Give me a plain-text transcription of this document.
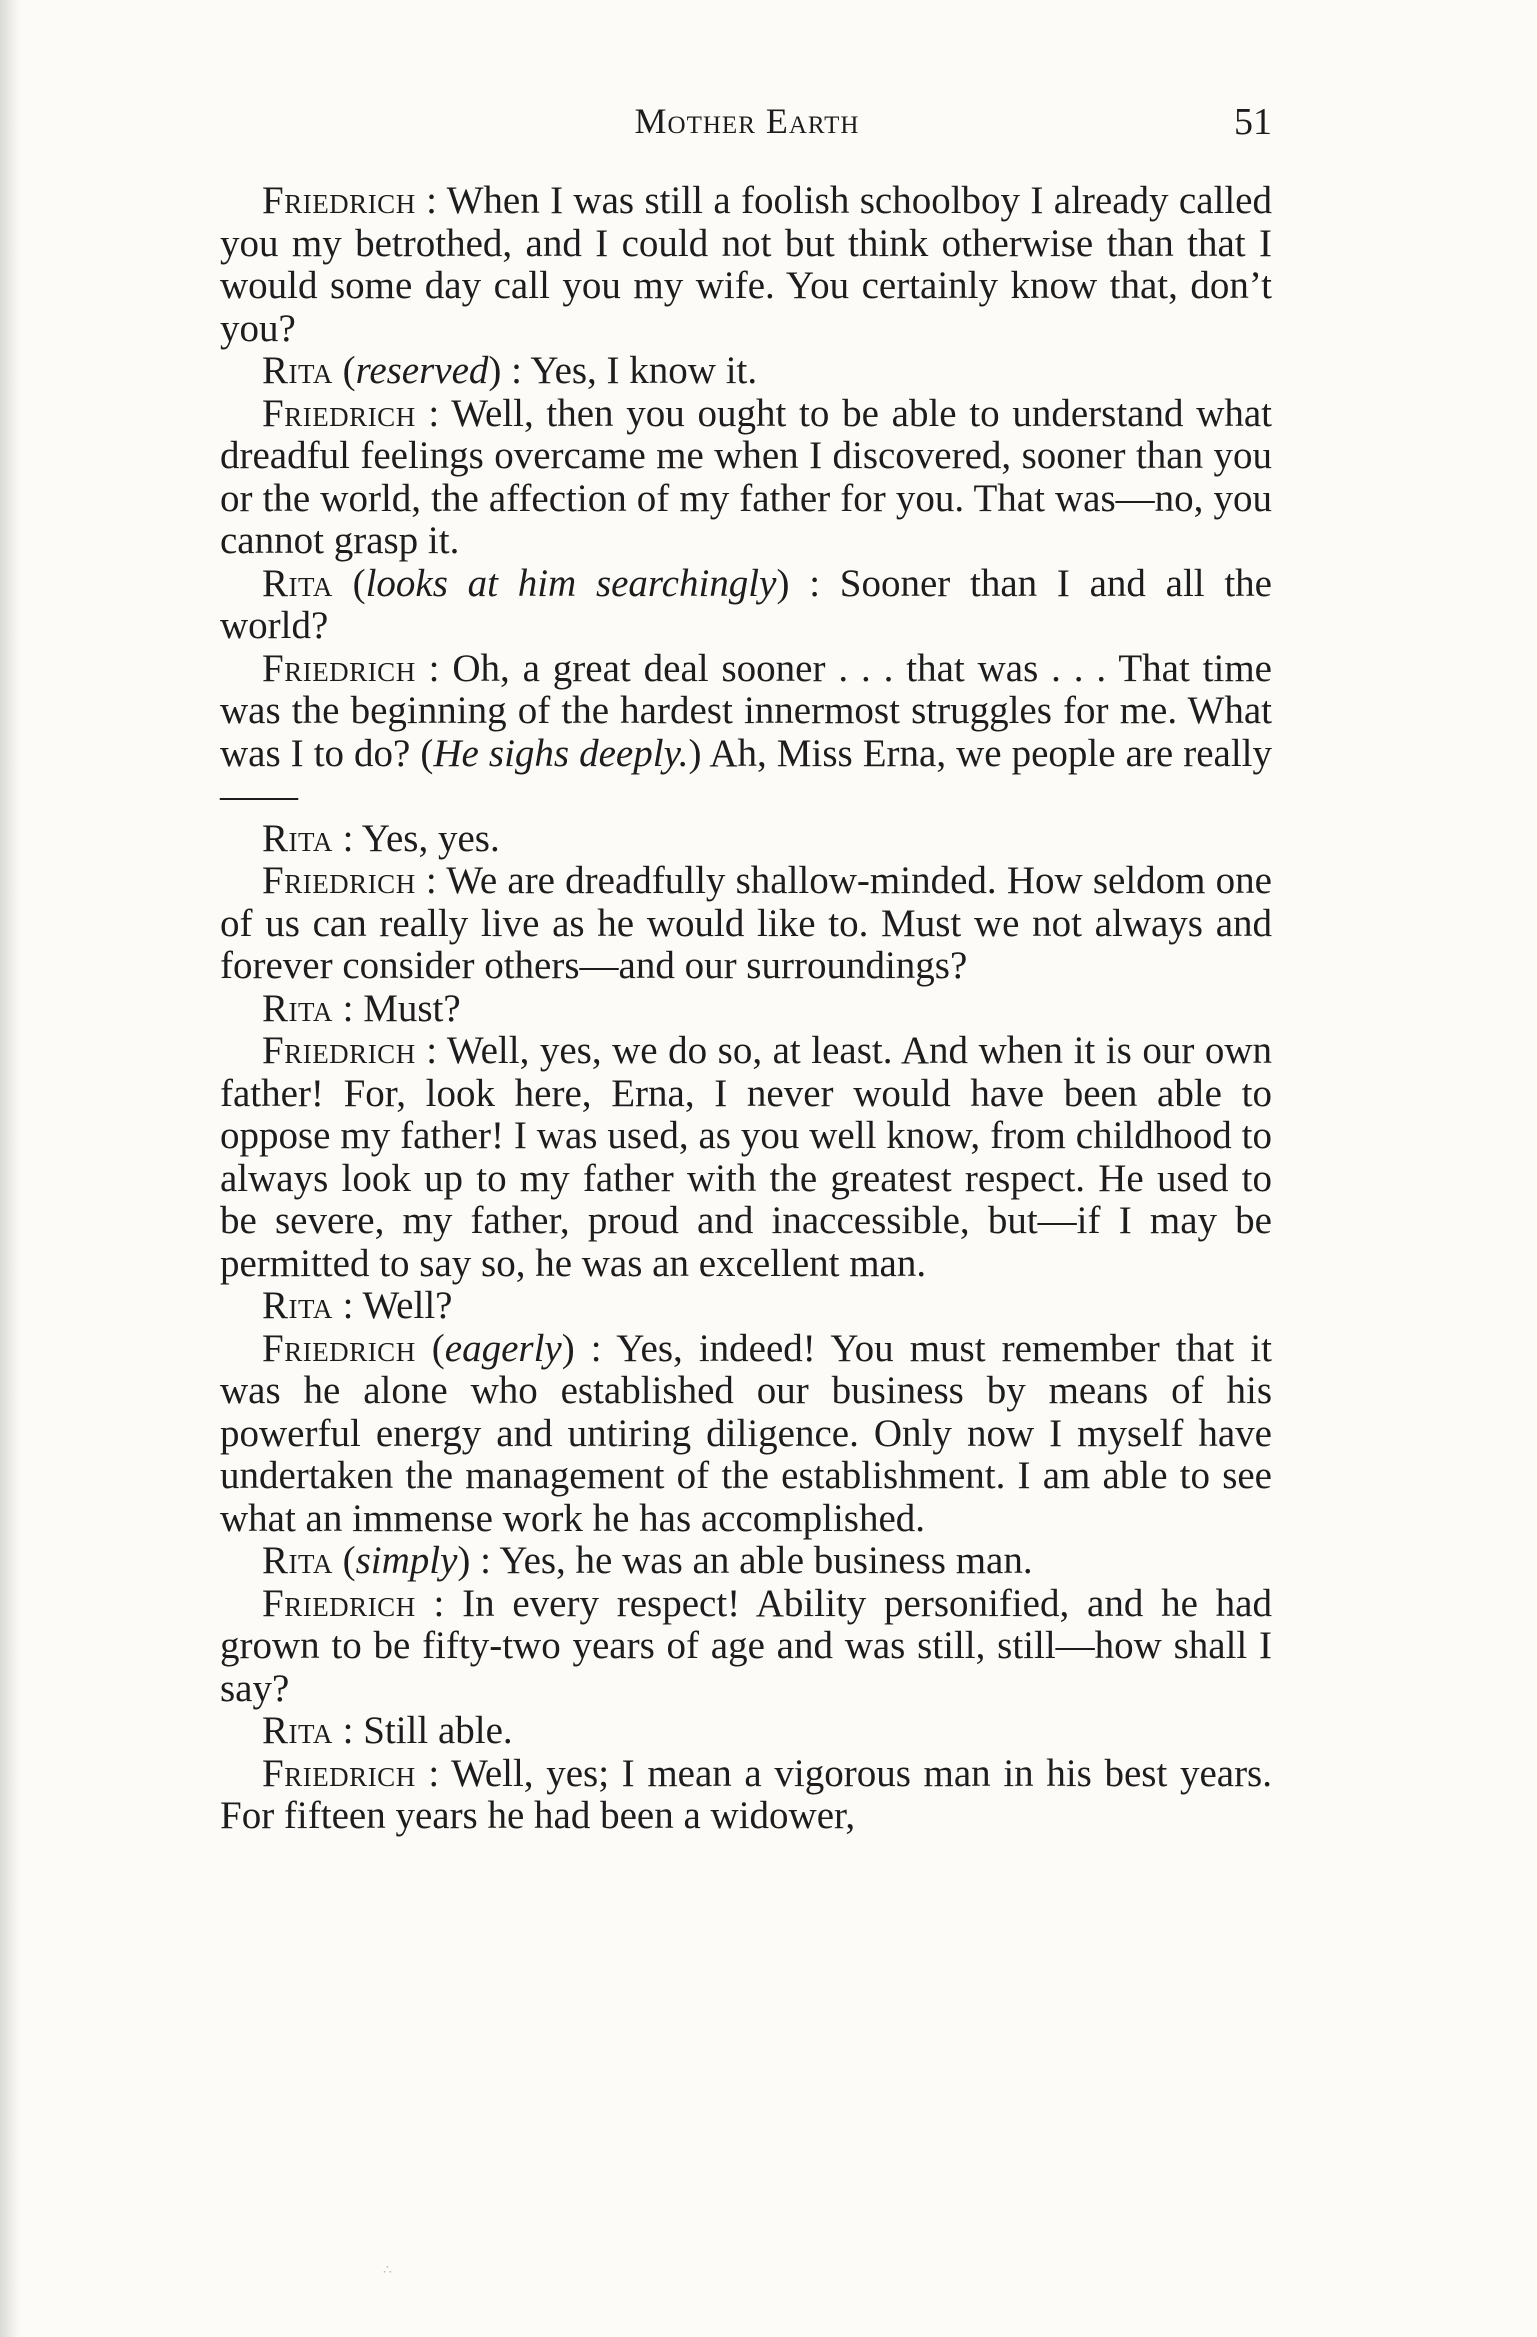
Mother Earth	51

Friedrich : When I was still a foolish schoolboy I already called you my betrothed, and I could not but think otherwise than that I would some day call you my wife. You certainly know that, don’t you?

Rita (reserved) : Yes, I know it.

Friedrich : Well, then you ought to be able to understand what dreadful feelings overcame me when I discovered, sooner than you or the world, the affection of my father for you. That was—no, you cannot grasp it.

Rita (looks at him searchingly) : Sooner than I and all the world?

Friedrich : Oh, a great deal sooner . . . that was . . . That time was the beginning of the hardest innermost struggles for me. What was I to do? (He sighs deeply.) Ah, Miss Erna, we people are really——

Rita : Yes, yes.

Friedrich : We are dreadfully shallow-minded. How seldom one of us can really live as he would like to. Must we not always and forever consider others—and our surroundings?

Rita : Must?

Friedrich : Well, yes, we do so, at least. And when it is our own father! For, look here, Erna, I never would have been able to oppose my father! I was used, as you well know, from childhood to always look up to my father with the greatest respect. He used to be severe, my father, proud and inaccessible, but—if I may be permitted to say so, he was an excellent man.

Rita : Well?

Friedrich (eagerly) : Yes, indeed! You must remember that it was he alone who established our business by means of his powerful energy and untiring diligence. Only now I myself have undertaken the management of the establishment. I am able to see what an immense work he has accomplished.

Rita (simply) : Yes, he was an able business man.

Friedrich : In every respect! Ability personified, and he had grown to be fifty-two years of age and was still, still—how shall I say?

Rita : Still able.

Friedrich : Well, yes; I mean a vigorous man in his best years. For fifteen years he had been a widower,

∴
